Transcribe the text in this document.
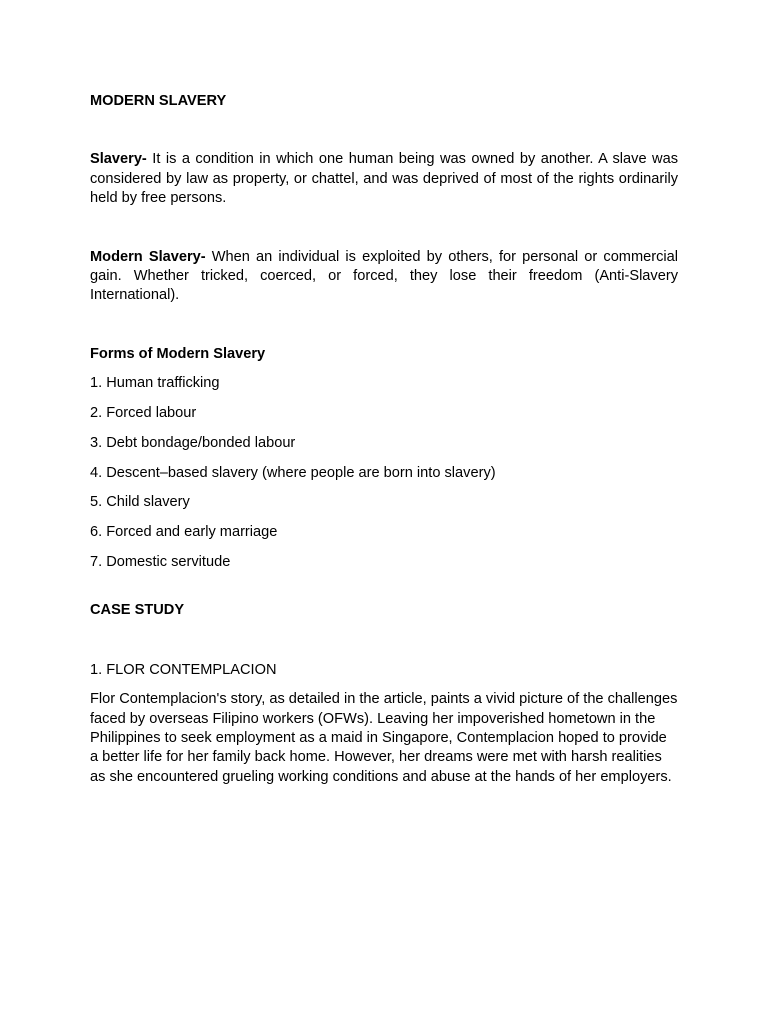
MODERN SLAVERY

Slavery- It is a condition in which one human being was owned by another. A slave was considered by law as property, or chattel, and was deprived of most of the rights ordinarily held by free persons.

Modern Slavery- When an individual is exploited by others, for personal or commercial gain. Whether tricked, coerced, or forced, they lose their freedom (Anti-Slavery International).

Forms of Modern Slavery

1. Human trafficking
2. Forced labour
3. Debt bondage/bonded labour
4. Descent–based slavery (where people are born into slavery)
5. Child slavery
6. Forced and early marriage
7. Domestic servitude

CASE STUDY

1. FLOR CONTEMPLACION

Flor Contemplacion's story, as detailed in the article, paints a vivid picture of the challenges faced by overseas Filipino workers (OFWs). Leaving her impoverished hometown in the Philippines to seek employment as a maid in Singapore, Contemplacion hoped to provide a better life for her family back home. However, her dreams were met with harsh realities as she encountered grueling working conditions and abuse at the hands of her employers.
